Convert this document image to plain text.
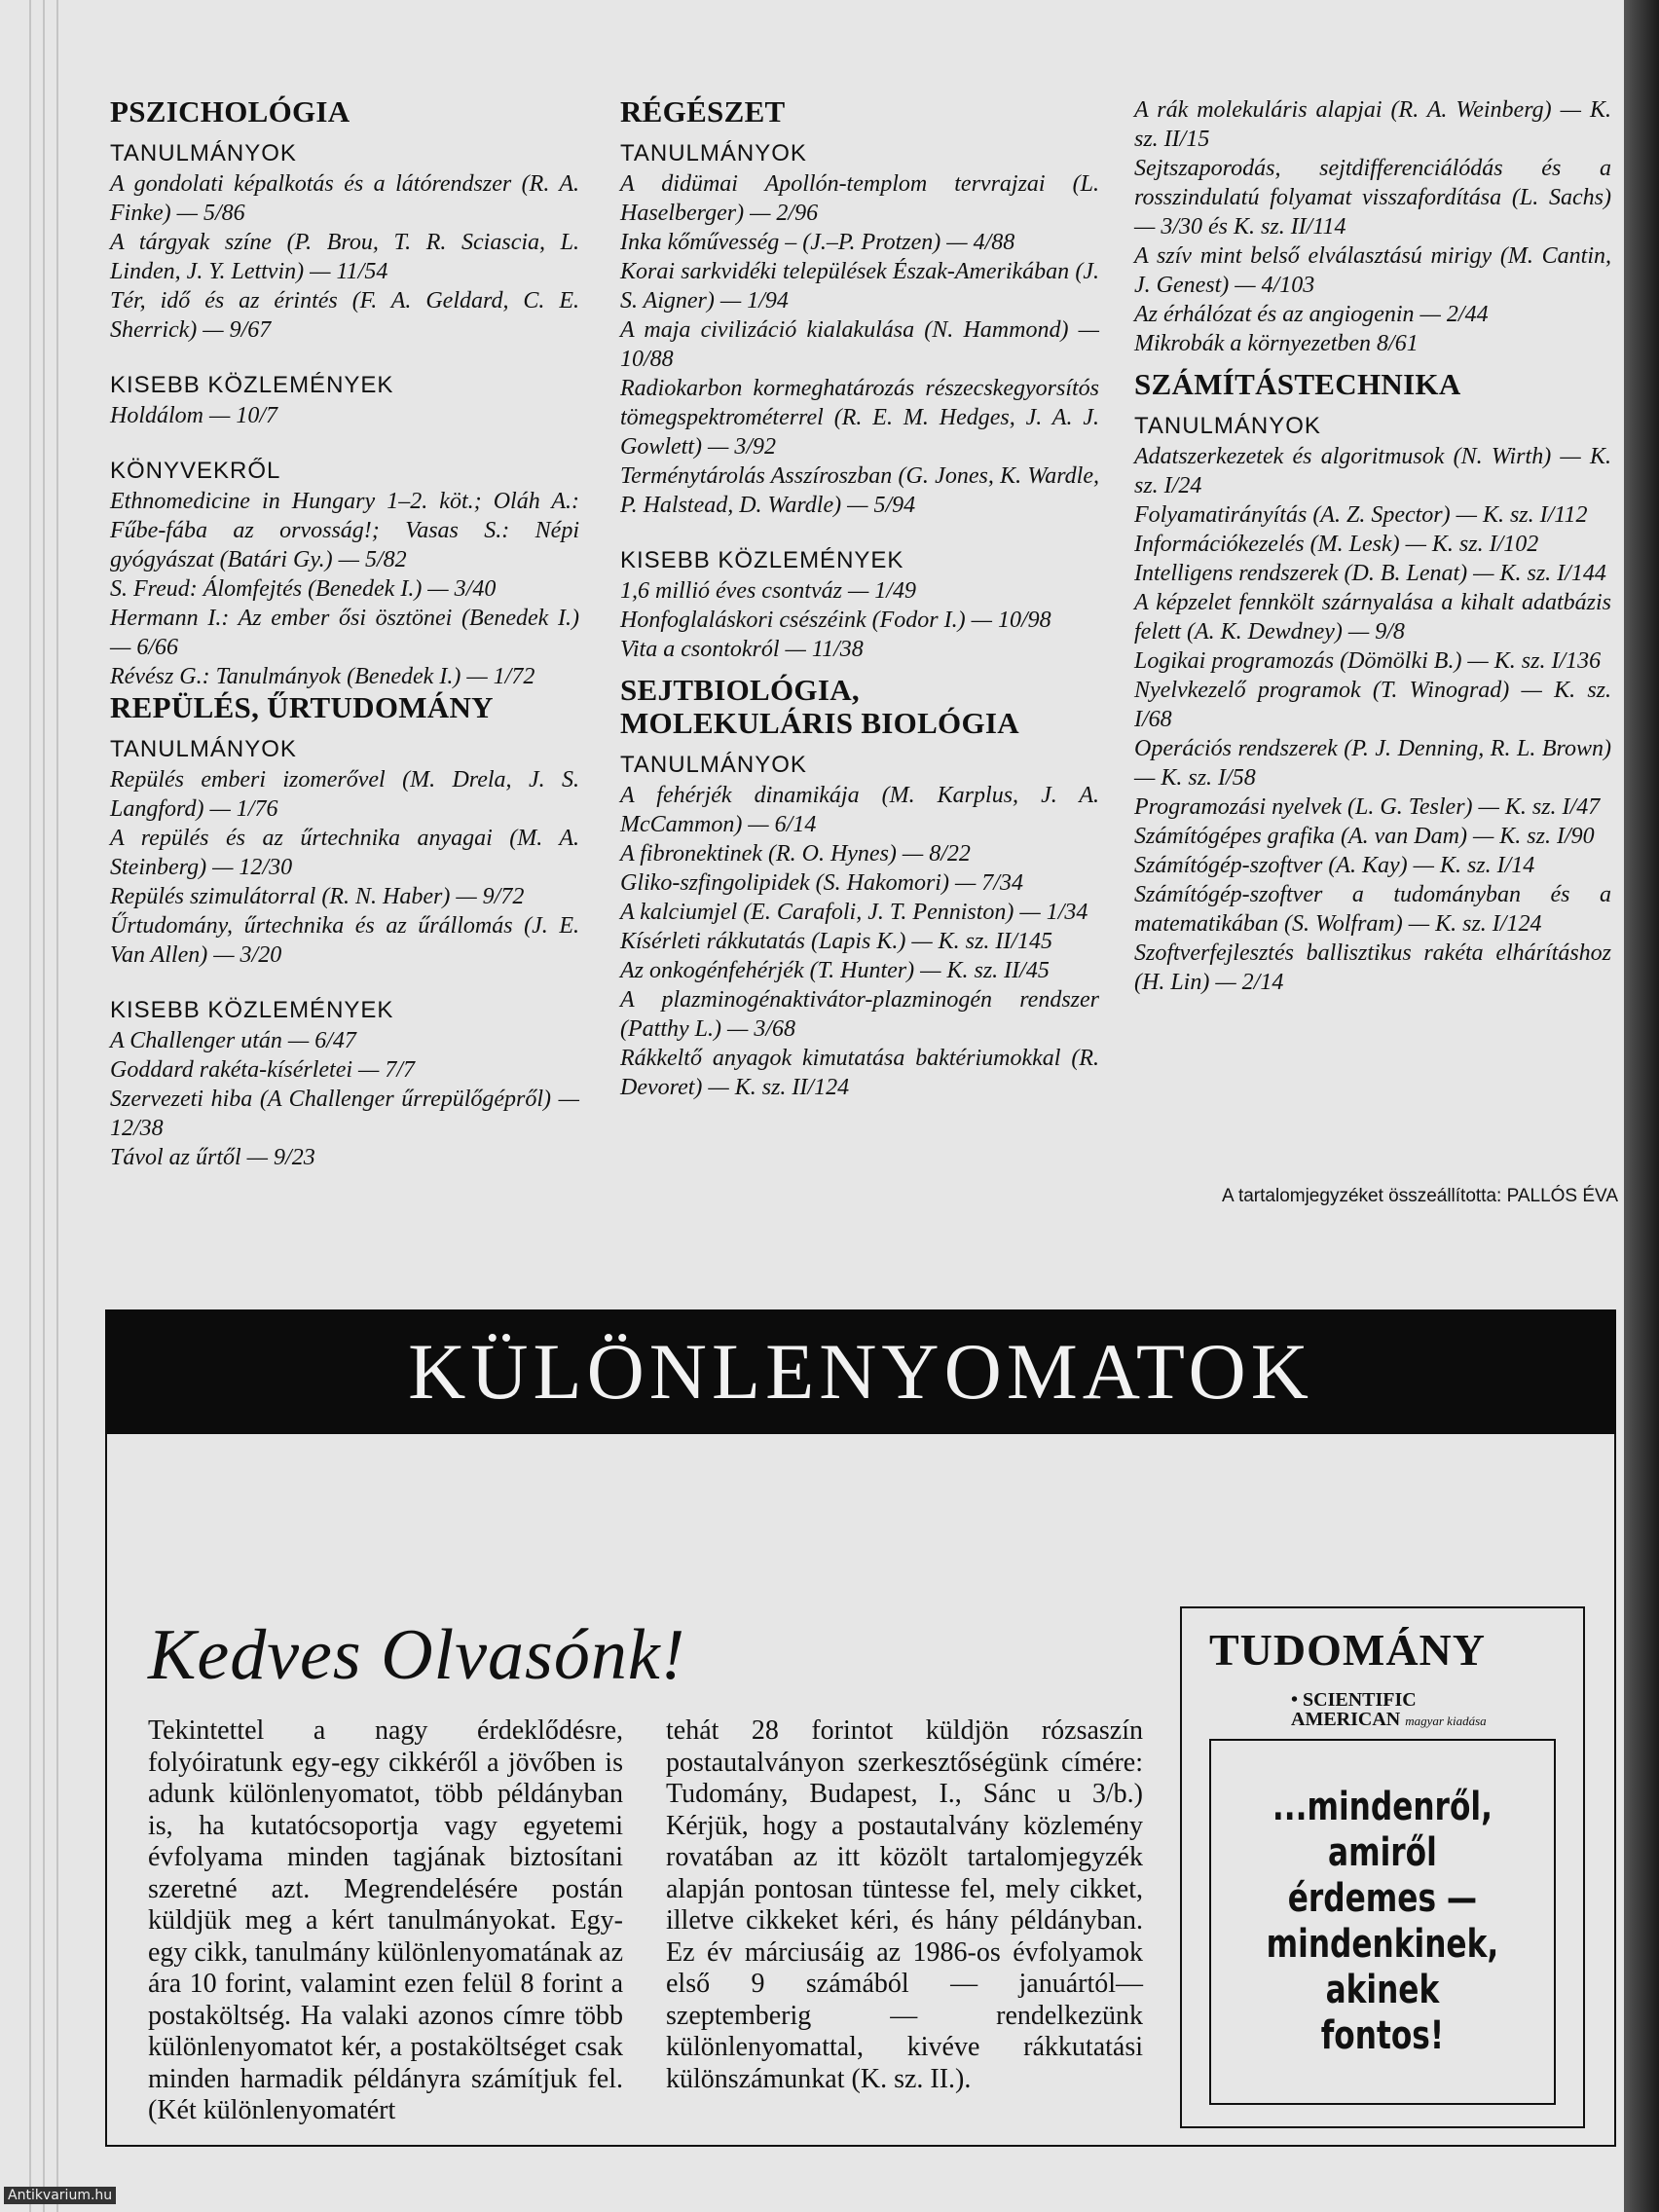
PSZICHOLÓGIA
TANULMÁNYOK

A gondolati képalkotás és a látórendszer (R. A. Finke) — 5/86

A tárgyak színe (P. Brou, T. R. Sciascia, L. Linden, J. Y. Lettvin) — 11/54

Tér, idő és az érintés (F. A. Geldard, C. E. Sherrick) — 9/67

KISEBB KÖZLEMÉNYEK

Holdálom — 10/7

KÖNYVEKRŐL

Ethnomedicine in Hungary 1–2. köt.; Oláh A.: Fűbe-fába az orvosság!; Vasas S.: Népi gyógyászat (Batári Gy.) — 5/82

S. Freud: Álomfejtés (Benedek I.) — 3/40

Hermann I.: Az ember ősi ösztönei (Benedek I.) — 6/66

Révész G.: Tanulmányok (Benedek I.) — 1/72

REPÜLÉS, ŰRTUDOMÁNY
TANULMÁNYOK

Repülés emberi izomerővel (M. Drela, J. S. Langford) — 1/76

A repülés és az űrtechnika anyagai (M. A. Steinberg) — 12/30

Repülés szimulátorral (R. N. Haber) — 9/72

Űrtudomány, űrtechnika és az űrállomás (J. E. Van Allen) — 3/20

KISEBB KÖZLEMÉNYEK

A Challenger után — 6/47

Goddard rakéta-kísérletei — 7/7

Szervezeti hiba (A Challenger űrrepülőgépről) — 12/38

Távol az űrtől — 9/23

RÉGÉSZET
TANULMÁNYOK

A didümai Apollón-templom tervrajzai (L. Haselberger) — 2/96

Inka kőművesség – (J.–P. Protzen) — 4/88

Korai sarkvidéki települések Észak-Amerikában (J. S. Aigner) — 1/94

A maja civilizáció kialakulása (N. Hammond) — 10/88

Radiokarbon kormeghatározás részecskegyorsítós tömegspektrométerrel (R. E. M. Hedges, J. A. J. Gowlett) — 3/92

Terménytárolás Asszíroszban (G. Jones, K. Wardle, P. Halstead, D. Wardle) — 5/94

KISEBB KÖZLEMÉNYEK

1,6 millió éves csontváz — 1/49

Honfoglaláskori csészéink (Fodor I.) — 10/98

Vita a csontokról — 11/38

SEJTBIOLÓGIA, MOLEKULÁRIS BIOLÓGIA
TANULMÁNYOK

A fehérjék dinamikája (M. Karplus, J. A. McCammon) — 6/14

A fibronektinek (R. O. Hynes) — 8/22

Gliko-szfingolipidek (S. Hakomori) — 7/34

A kalciumjel (E. Carafoli, J. T. Penniston) — 1/34

Kísérleti rákkutatás (Lapis K.) — K. sz. II/145

Az onkogénfehérjék (T. Hunter) — K. sz. II/45

A plazminogénaktivátor-plazminogén rendszer (Patthy L.) — 3/68

Rákkeltő anyagok kimutatása baktériumokkal (R. Devoret) — K. sz. II/124

A rák molekuláris alapjai (R. A. Weinberg) — K. sz. II/15

Sejtszaporodás, sejtdifferenciálódás és a rosszindulatú folyamat visszafordítása (L. Sachs) — 3/30 és K. sz. II/114

A szív mint belső elválasztású mirigy (M. Cantin, J. Genest) — 4/103

Az érhálózat és az angiogenin — 2/44

Mikrobák a környezetben 8/61

SZÁMÍTÁSTECHNIKA
TANULMÁNYOK

Adatszerkezetek és algoritmusok (N. Wirth) — K. sz. I/24

Folyamatirányítás (A. Z. Spector) — K. sz. I/112

Információkezelés (M. Lesk) — K. sz. I/102

Intelligens rendszerek (D. B. Lenat) — K. sz. I/144

A képzelet fennkölt szárnyalása a kihalt adatbázis felett (A. K. Dewdney) — 9/8

Logikai programozás (Dömölki B.) — K. sz. I/136

Nyelvkezelő programok (T. Winograd) — K. sz. I/68

Operációs rendszerek (P. J. Denning, R. L. Brown) — K. sz. I/58

Programozási nyelvek (L. G. Tesler) — K. sz. I/47

Számítógépes grafika (A. van Dam) — K. sz. I/90

Számítógép-szoftver (A. Kay) — K. sz. I/14

Számítógép-szoftver a tudományban és a matematikában (S. Wolfram) — K. sz. I/124

Szoftverfejlesztés ballisztikus rakéta elhárításhoz (H. Lin) — 2/14

A tartalomjegyzéket összeállította: PALLÓS ÉVA
KÜLÖNLENYOMATOK
Kedves Olvasónk!
Tekintettel a nagy érdeklődésre, folyóiratunk egy-egy cikkéről a jövőben is adunk különlenyomatot, több példányban is, ha kutatócsoportja vagy egyetemi évfolyama minden tagjának biztosítani szeretné azt. Megrendelésére postán küldjük meg a kért tanulmányokat. Egy-egy cikk, tanulmány különlenyomatának az ára 10 forint, valamint ezen felül 8 forint a postaköltség. Ha valaki azonos címre több különlenyomatot kér, a postaköltséget csak minden harmadik példányra számítjuk fel. (Két különlenyomatért
tehát 28 forintot küldjön rózsaszín postautalványon szerkesztőségünk címére: Tudomány, Budapest, I., Sánc u 3/b.) Kérjük, hogy a postautalvány közlemény rovatában az itt közölt tartalomjegyzék alapján pontosan tüntesse fel, mely cikket, illetve cikkeket kéri, és hány példányban. Ez év márciusáig az 1986-os évfolyamok első 9 számából — januártól—szeptemberig — rendelkezünk különlenyomattal, kivéve rákkutatási különszámunkat (K. sz. II.).
TUDOMÁNY
• SCIENTIFIC
AMERICAN magyar kiadása
...mindenről,
amiről
érdemes —
mindenkinek,
akinek
fontos!
Antikvarium.hu
